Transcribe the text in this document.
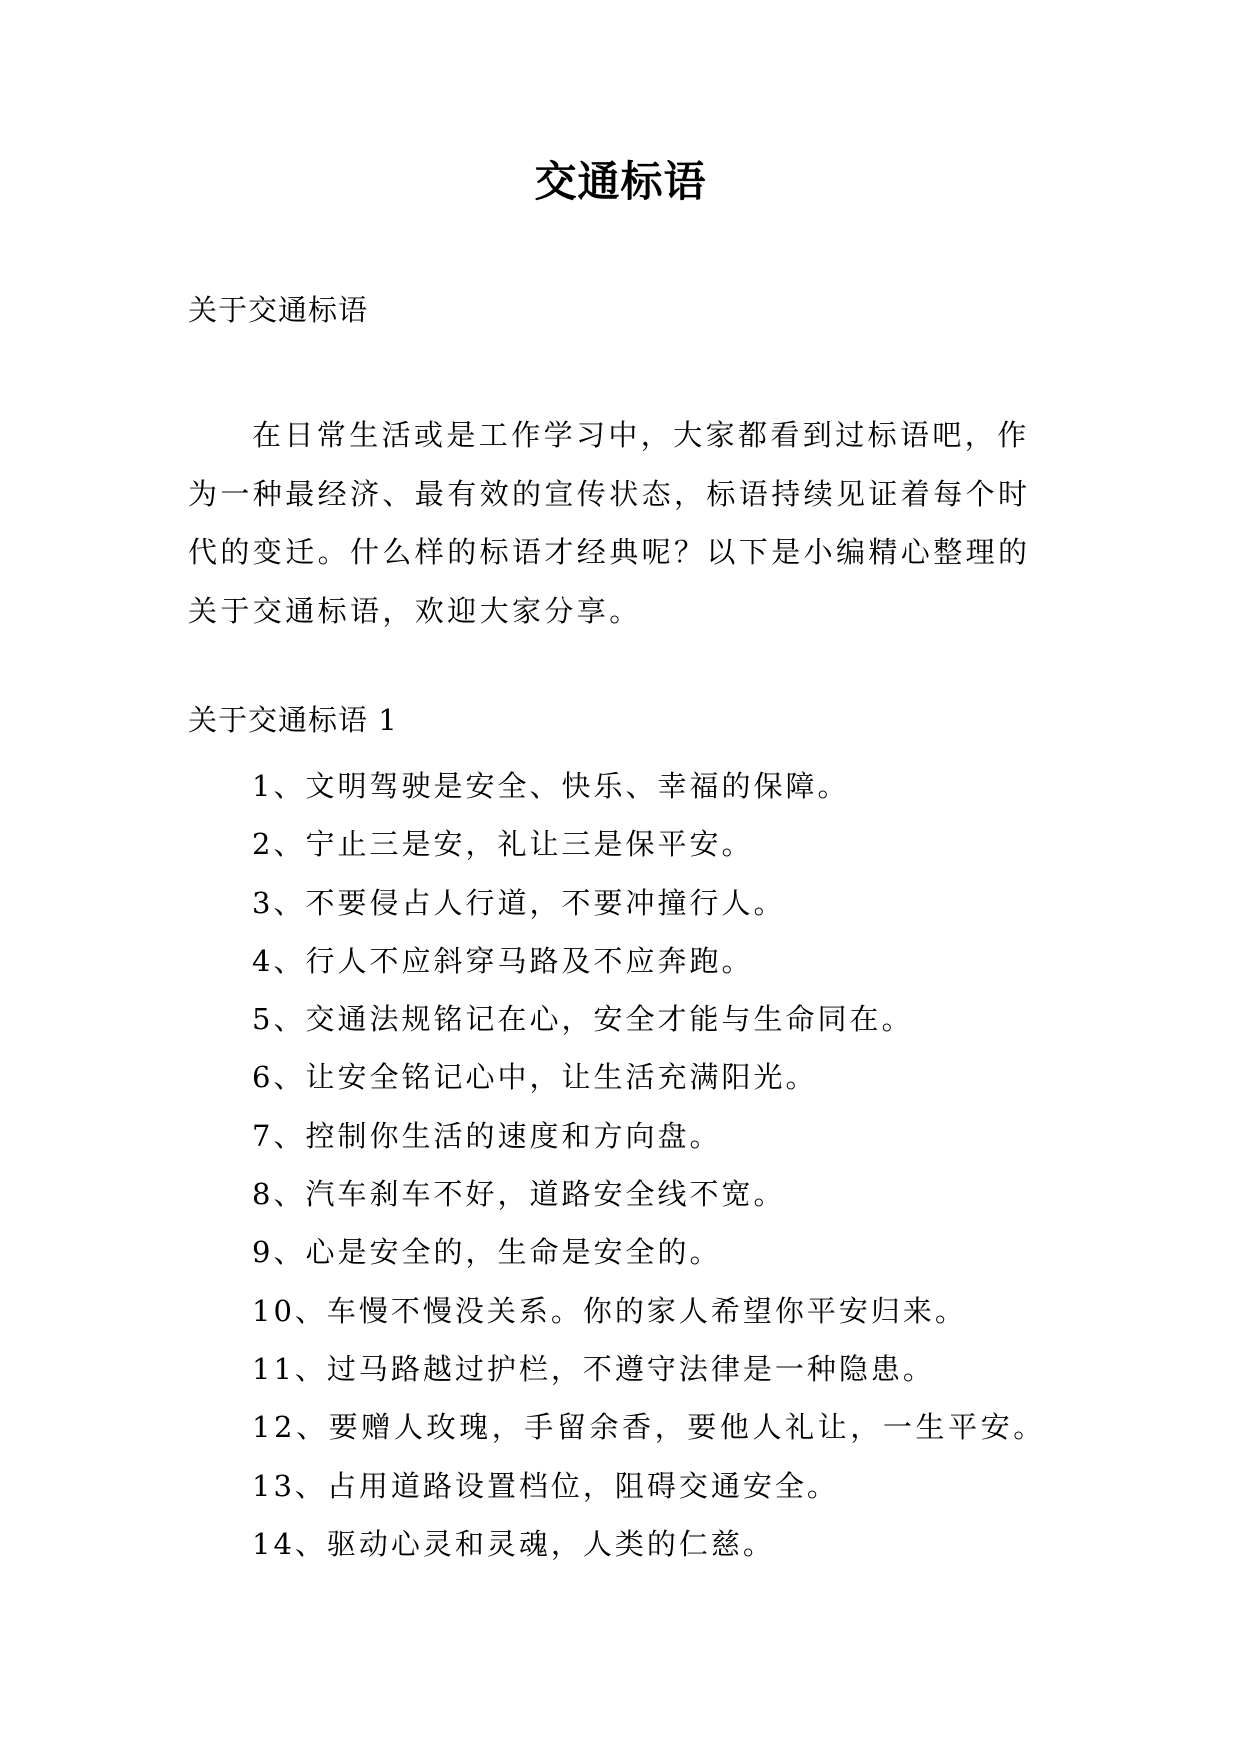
交通标语
关于交通标语

在日常生活或是工作学习中，大家都看到过标语吧，作为一种最经济、最有效的宣传状态，标语持续见证着每个时代的变迁。什么样的标语才经典呢？以下是小编精心整理的关于交通标语，欢迎大家分享。

关于交通标语 1
1、文明驾驶是安全、快乐、幸福的保障。
2、宁止三是安，礼让三是保平安。
3、不要侵占人行道，不要冲撞行人。
4、行人不应斜穿马路及不应奔跑。
5、交通法规铭记在心，安全才能与生命同在。
6、让安全铭记心中，让生活充满阳光。
7、控制你生活的速度和方向盘。
8、汽车刹车不好，道路安全线不宽。
9、心是安全的，生命是安全的。
10、车慢不慢没关系。你的家人希望你平安归来。
11、过马路越过护栏，不遵守法律是一种隐患。
12、要赠人玫瑰，手留余香，要他人礼让，一生平安。
13、占用道路设置档位，阻碍交通安全。
14、驱动心灵和灵魂，人类的仁慈。
